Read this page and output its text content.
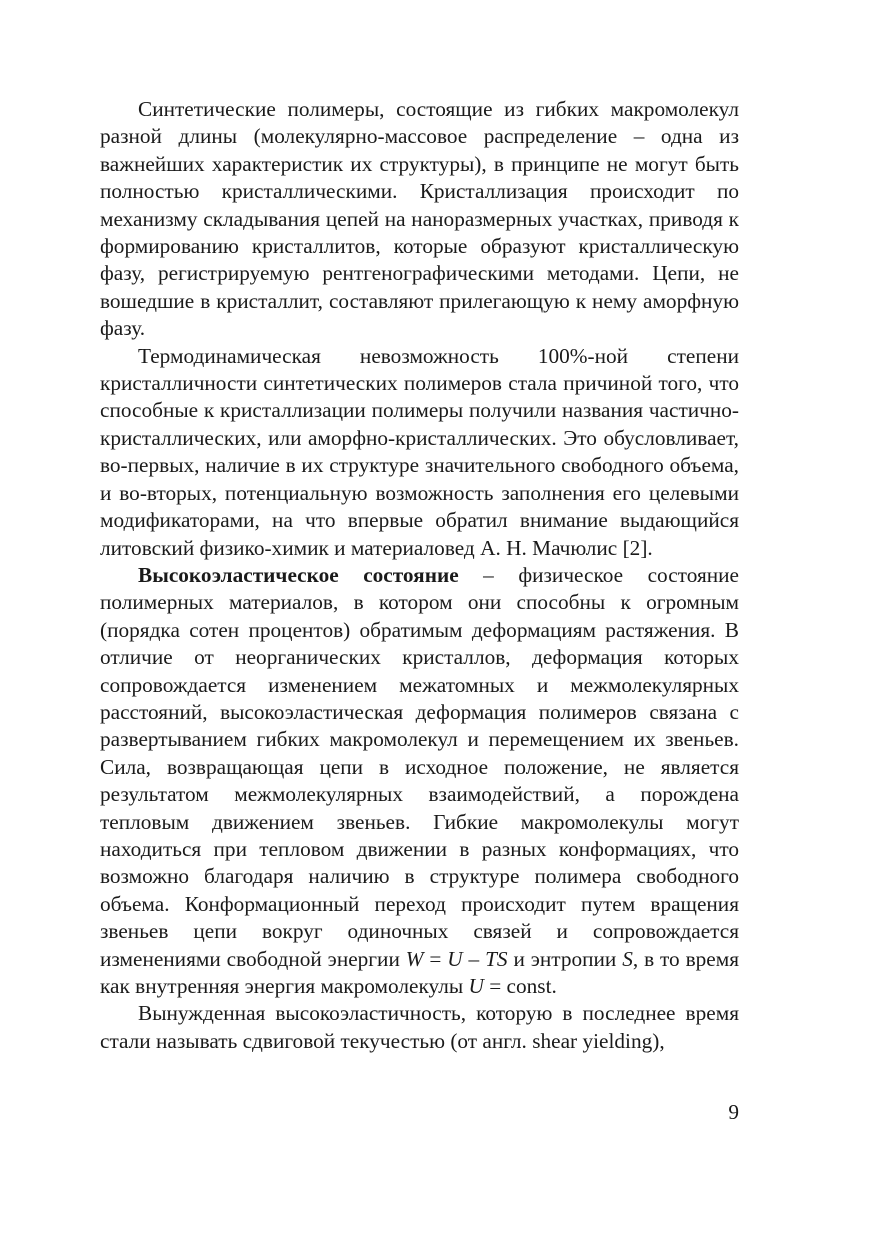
Синтетические полимеры, состоящие из гибких макромолекул разной длины (молекулярно-массовое распределение – одна из важнейших характеристик их структуры), в принципе не могут быть полностью кристаллическими. Кристаллизация происходит по механизму складывания цепей на наноразмерных участках, приводя к формированию кристаллитов, которые образуют кристаллическую фазу, регистрируемую рентгенографическими методами. Цепи, не вошедшие в кристаллит, составляют прилегающую к нему аморфную фазу.

Термодинамическая невозможность 100%-ной степени кристалличности синтетических полимеров стала причиной того, что способные к кристаллизации полимеры получили названия частично-кристаллических, или аморфно-кристаллических. Это обусловливает, во-первых, наличие в их структуре значительного свободного объема, и во-вторых, потенциальную возможность заполнения его целевыми модификаторами, на что впервые обратил внимание выдающийся литовский физико-химик и материаловед А. Н. Мачюлис [2].

Высокоэластическое состояние – физическое состояние полимерных материалов, в котором они способны к огромным (порядка сотен процентов) обратимым деформациям растяжения. В отличие от неорганических кристаллов, деформация которых сопровождается изменением межатомных и межмолекулярных расстояний, высокоэластическая деформация полимеров связана с развертыванием гибких макромолекул и перемещением их звеньев. Сила, возвращающая цепи в исходное положение, не является результатом межмолекулярных взаимодействий, а порождена тепловым движением звеньев. Гибкие макромолекулы могут находиться при тепловом движении в разных конформациях, что возможно благодаря наличию в структуре полимера свободного объема. Конформационный переход происходит путем вращения звеньев цепи вокруг одиночных связей и сопровождается изменениями свободной энергии W = U – TS и энтропии S, в то время как внутренняя энергия макромолекулы U = const.

Вынужденная высокоэластичность, которую в последнее время стали называть сдвиговой текучестью (от англ. shear yielding),

9
